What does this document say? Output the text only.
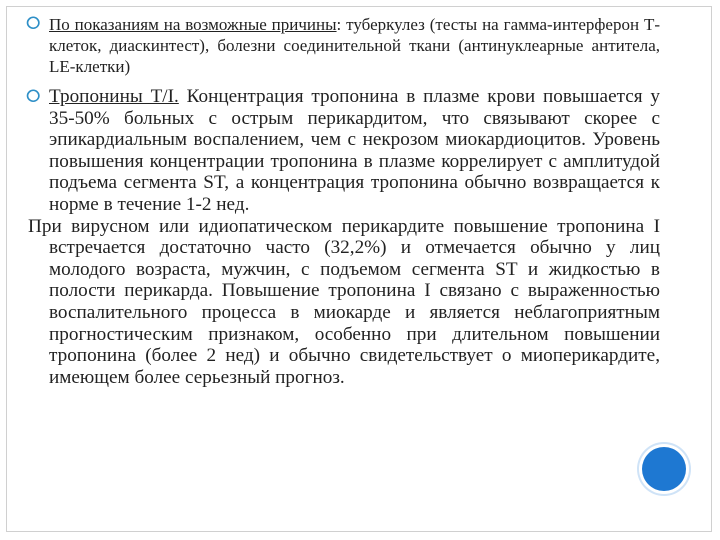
⭘ По показаниям на возможные причины: туберкулез (тесты на гамма-интерферон Т-клеток, диаскинтест), болезни соединительной ткани (антинуклеарные антитела, LE-клетки)
⭘ Тропонины Т/I. Концентрация тропонина в плазме крови повышается у 35-50% больных с острым перикардитом, что связывают скорее с эпикардиальным воспалением, чем с некрозом миокардиоцитов. Уровень повышения концентрации тропонина в плазме коррелирует с амплитудой подъема сегмента ST, а концентрация тропонина обычно возвращается к норме в течение 1-2 нед.
При вирусном или идиопатическом перикардите повышение тропонина I встречается достаточно часто (32,2%) и отмечается обычно у лиц молодого возраста, мужчин, с подъемом сегмента ST и жидкостью в полости перикарда. Повышение тропонина I связано с выраженностью воспалительного процесса в миокарде и является неблагоприятным прогностическим признаком, особенно при длительном повышении тропонина (более 2 нед) и обычно свидетельствует о миоперикардите, имеющем более серьезный прогноз.
